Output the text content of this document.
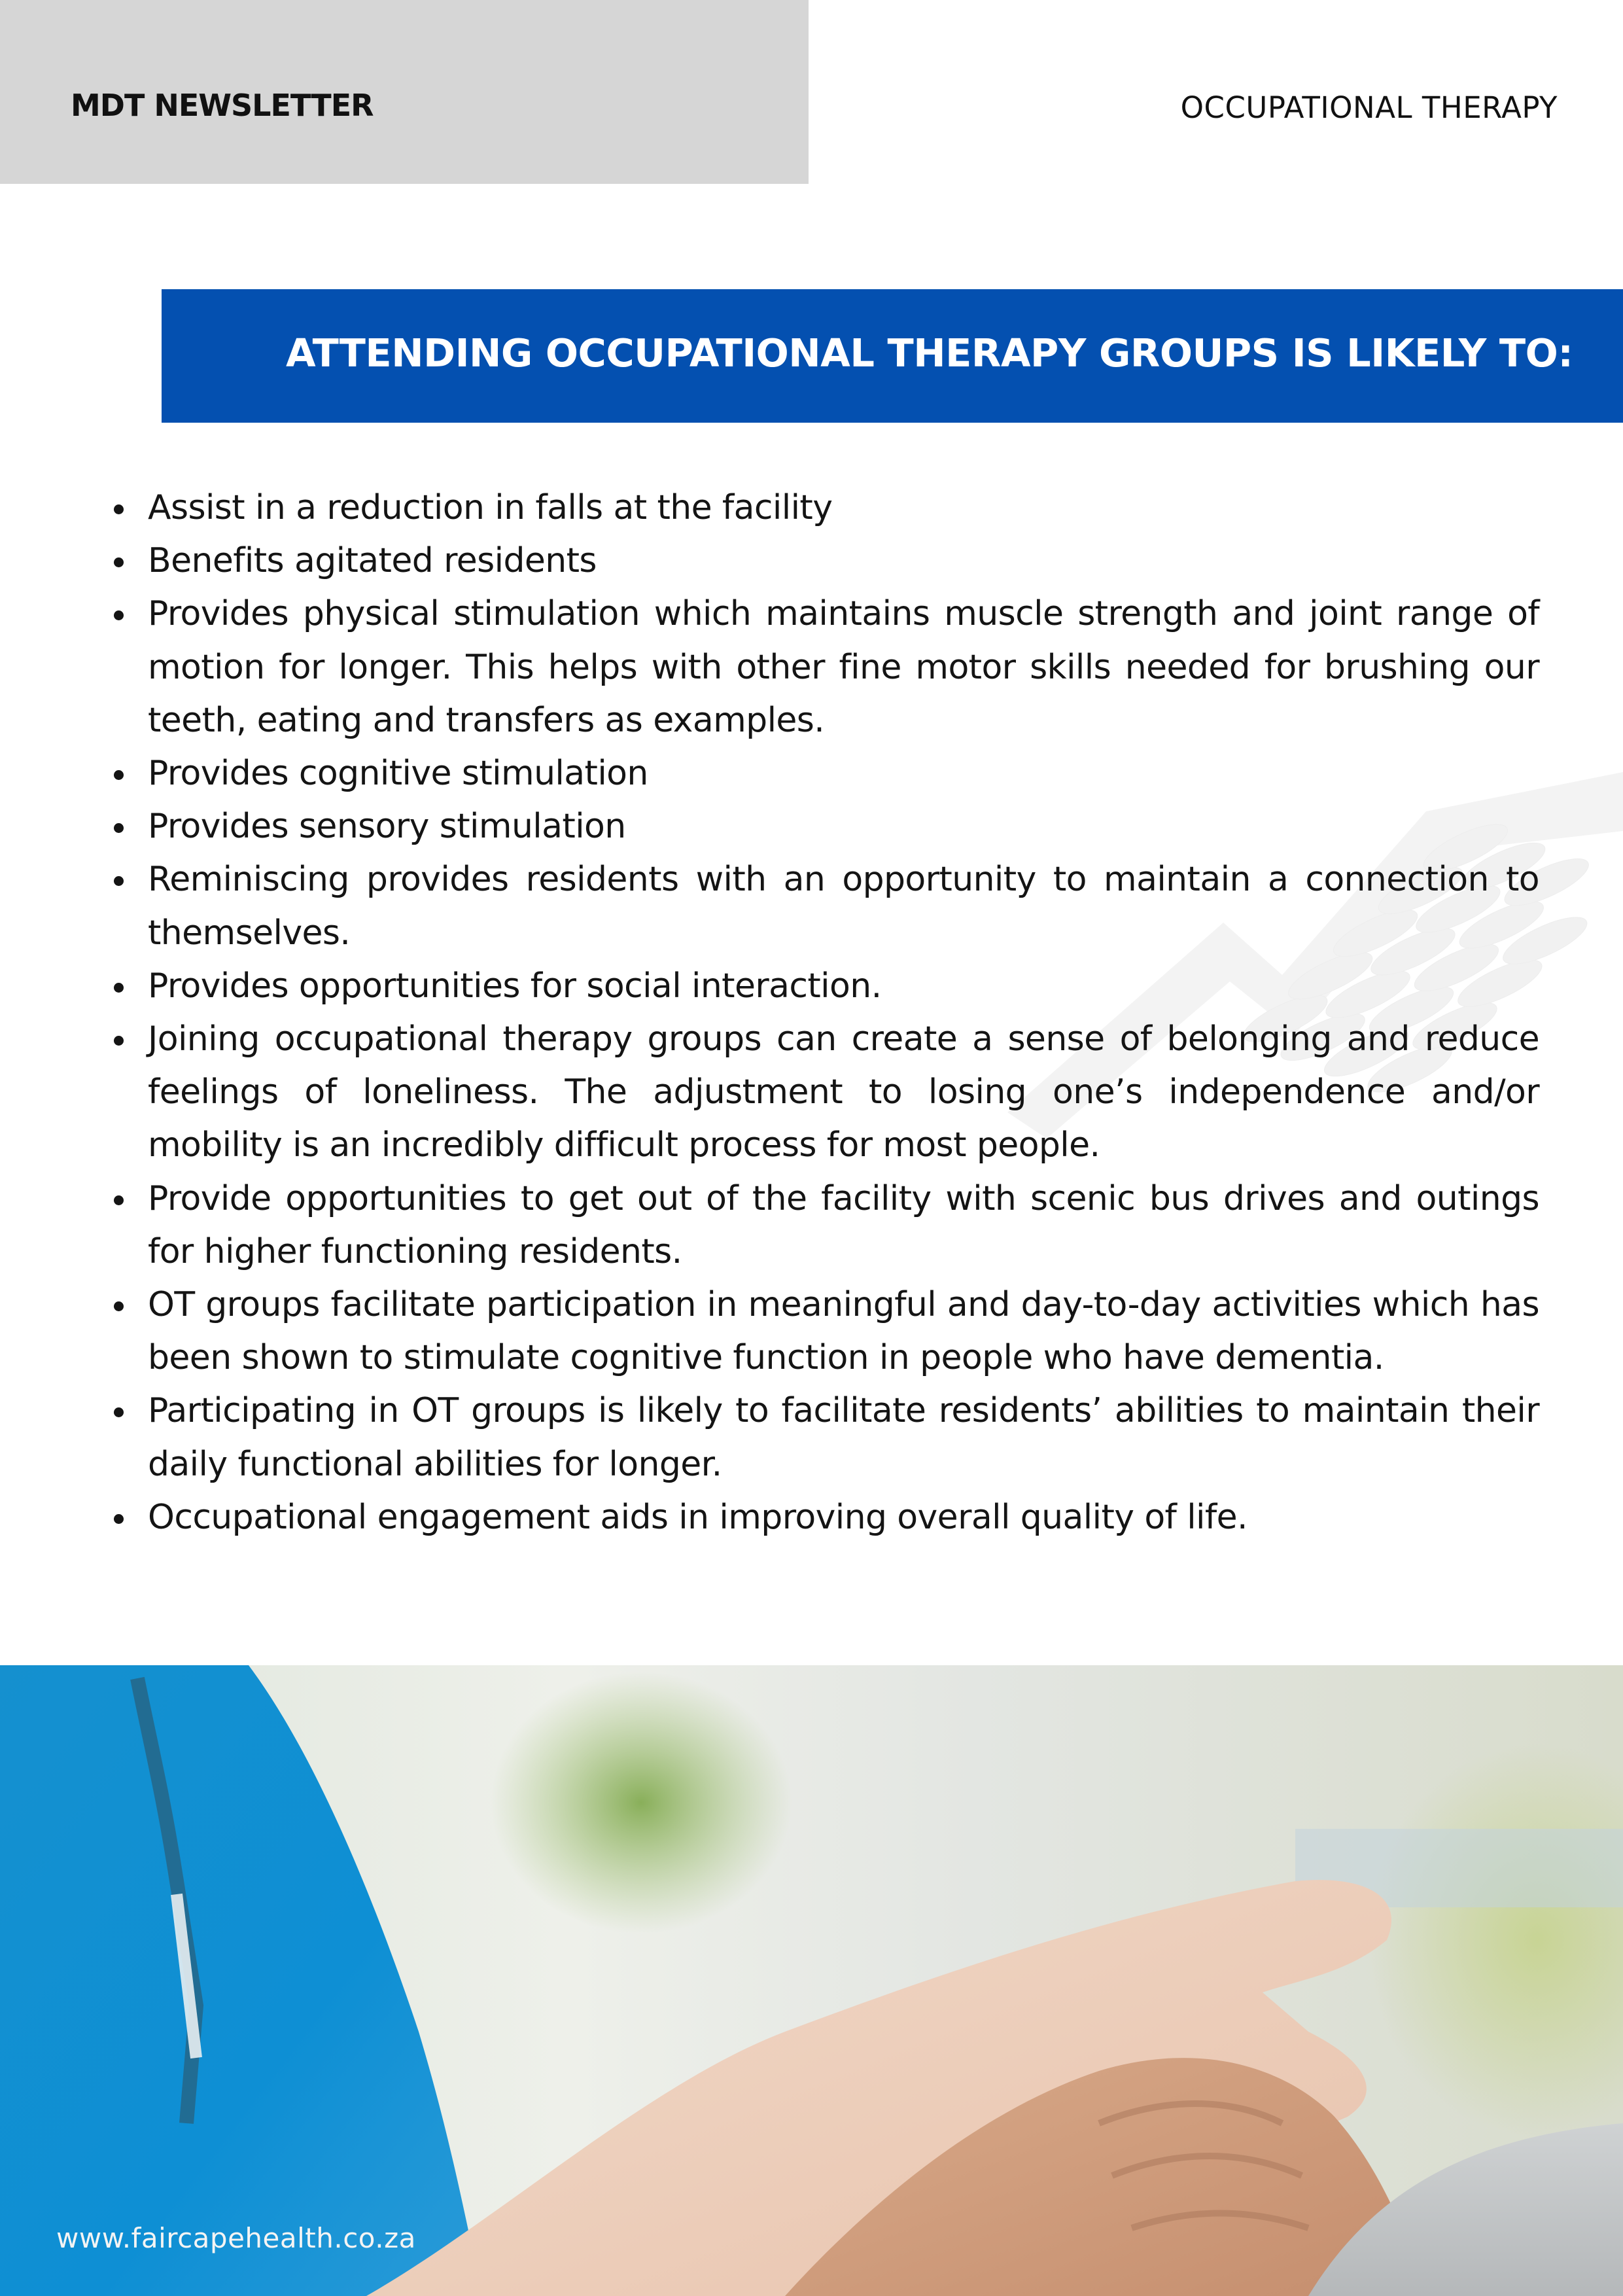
MDT NEWSLETTER	OCCUPATIONAL THERAPY
ATTENDING OCCUPATIONAL THERAPY GROUPS IS LIKELY TO:
Assist in a reduction in falls at the facility
Benefits agitated residents
Provides physical stimulation which maintains muscle strength and joint range of motion for longer. This helps with other fine motor skills needed for brushing our teeth, eating and transfers as examples.
Provides cognitive stimulation
Provides sensory stimulation
Reminiscing provides residents with an opportunity to maintain a connection to themselves.
Provides opportunities for social interaction.
Joining occupational therapy groups can create a sense of belonging and reduce feelings of loneliness. The adjustment to losing one’s independence and/or mobility is an incredibly difficult process for most people.
Provide opportunities to get out of the facility with scenic bus drives and outings for higher functioning residents.
OT groups facilitate participation in meaningful and day-to-day activities which has been shown to stimulate cognitive function in people who have dementia.
Participating in OT groups is likely to facilitate residents’ abilities to maintain their daily functional abilities for longer.
Occupational engagement aids in improving overall quality of life.
www.faircapehealth.co.za
